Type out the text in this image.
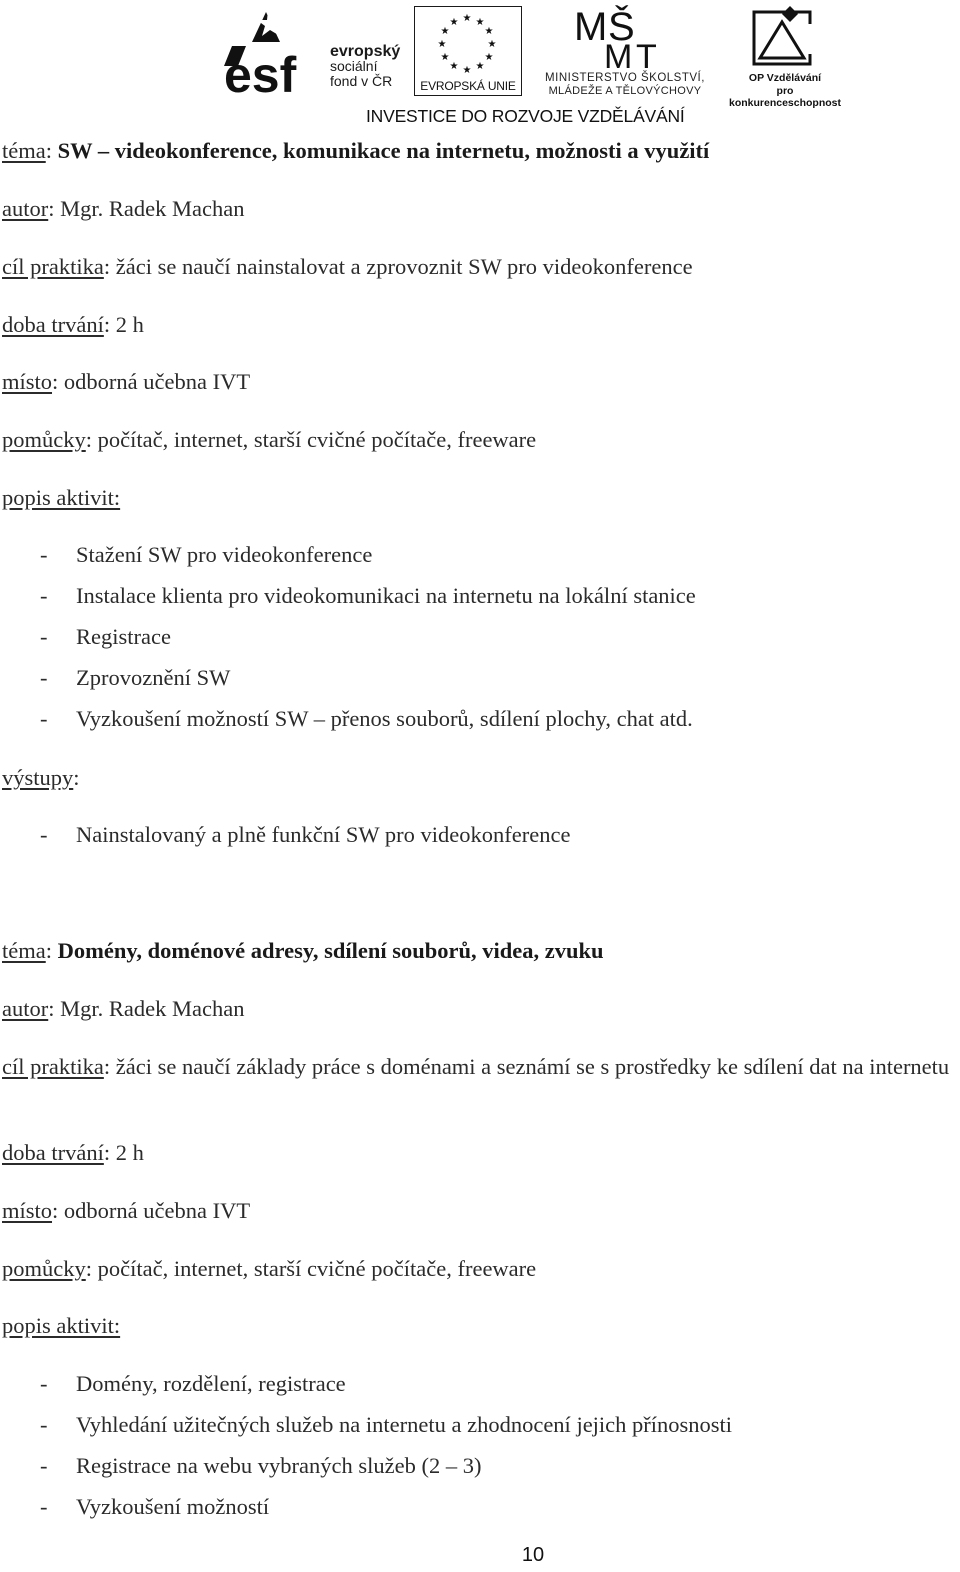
esf evropský
sociální
fond v ČR
★ ★
★
★
★
★
★
★
★
★
★
★
EVROPSKÁ UNIE
M Š
M T
MINISTERSTVO ŠKOLSTVÍ,
MLÁDEŽE A TĚLOVÝCHOVY
OP Vzdělávání
pro konkurenceschopnost
INVESTICE DO ROZVOJE VZDĚLÁVÁNÍ
téma: SW – videokonference, komunikace na internetu, možnosti a využití
autor: Mgr. Radek Machan
cíl praktika: žáci se naučí nainstalovat a zprovoznit SW pro videokonference
doba trvání: 2 h
místo: odborná učebna IVT
pomůcky: počítač, internet, starší cvičné počítače, freeware
popis aktivit:
- Stažení SW pro videokonference
- Instalace klienta pro videokomunikaci na internetu na lokální stanice
- Registrace
- Zprovoznění SW
- Vyzkoušení možností SW – přenos souborů, sdílení plochy, chat atd.
výstupy:
- Nainstalovaný a plně funkční SW pro videokonference
téma: Domény, doménové adresy, sdílení souborů, videa, zvuku
autor: Mgr. Radek Machan
cíl praktika: žáci se naučí základy práce s doménami a seznámí se s prostředky ke sdílení dat na internetu
doba trvání: 2 h
místo: odborná učebna IVT
pomůcky: počítač, internet, starší cvičné počítače, freeware
popis aktivit:
- Domény, rozdělení, registrace
- Vyhledání užitečných služeb na internetu a zhodnocení jejich přínosnosti
- Registrace na webu vybraných služeb (2 – 3)
- Vyzkoušení možností
10
